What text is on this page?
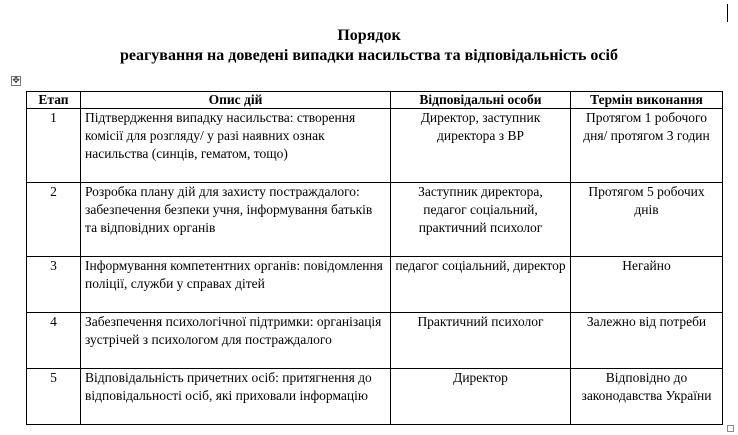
Порядок
реагування на доведені випадки насильства та відповідальність осіб
✥
Етап	Опис дій	Відповідальні особи	Термін виконання
1	Підтвердження випадку насильства: створення комісії для розгляду/ у разі наявних ознак насильства (синців, гематом, тощо)	Директор, заступник директора з ВР	Протягом 1 робочого дня/ протягом 3 годин
2	Розробка плану дій для захисту постраждалого: забезпечення безпеки учня, інформування батьків та відповідних органів	Заступник директора, педагог соціальний, практичний психолог	Протягом 5 робочих днів
3	Інформування компетентних органів: повідомлення поліції, служби у справах дітей	педагог соціальний, директор	Негайно
4	Забезпечення психологічної підтримки: організація зустрічей з психологом для постраждалого	Практичний психолог	Залежно від потреби
5	Відповідальність причетних осіб: притягнення до відповідальності осіб, які приховали інформацію	Директор	Відповідно до законодавства України
